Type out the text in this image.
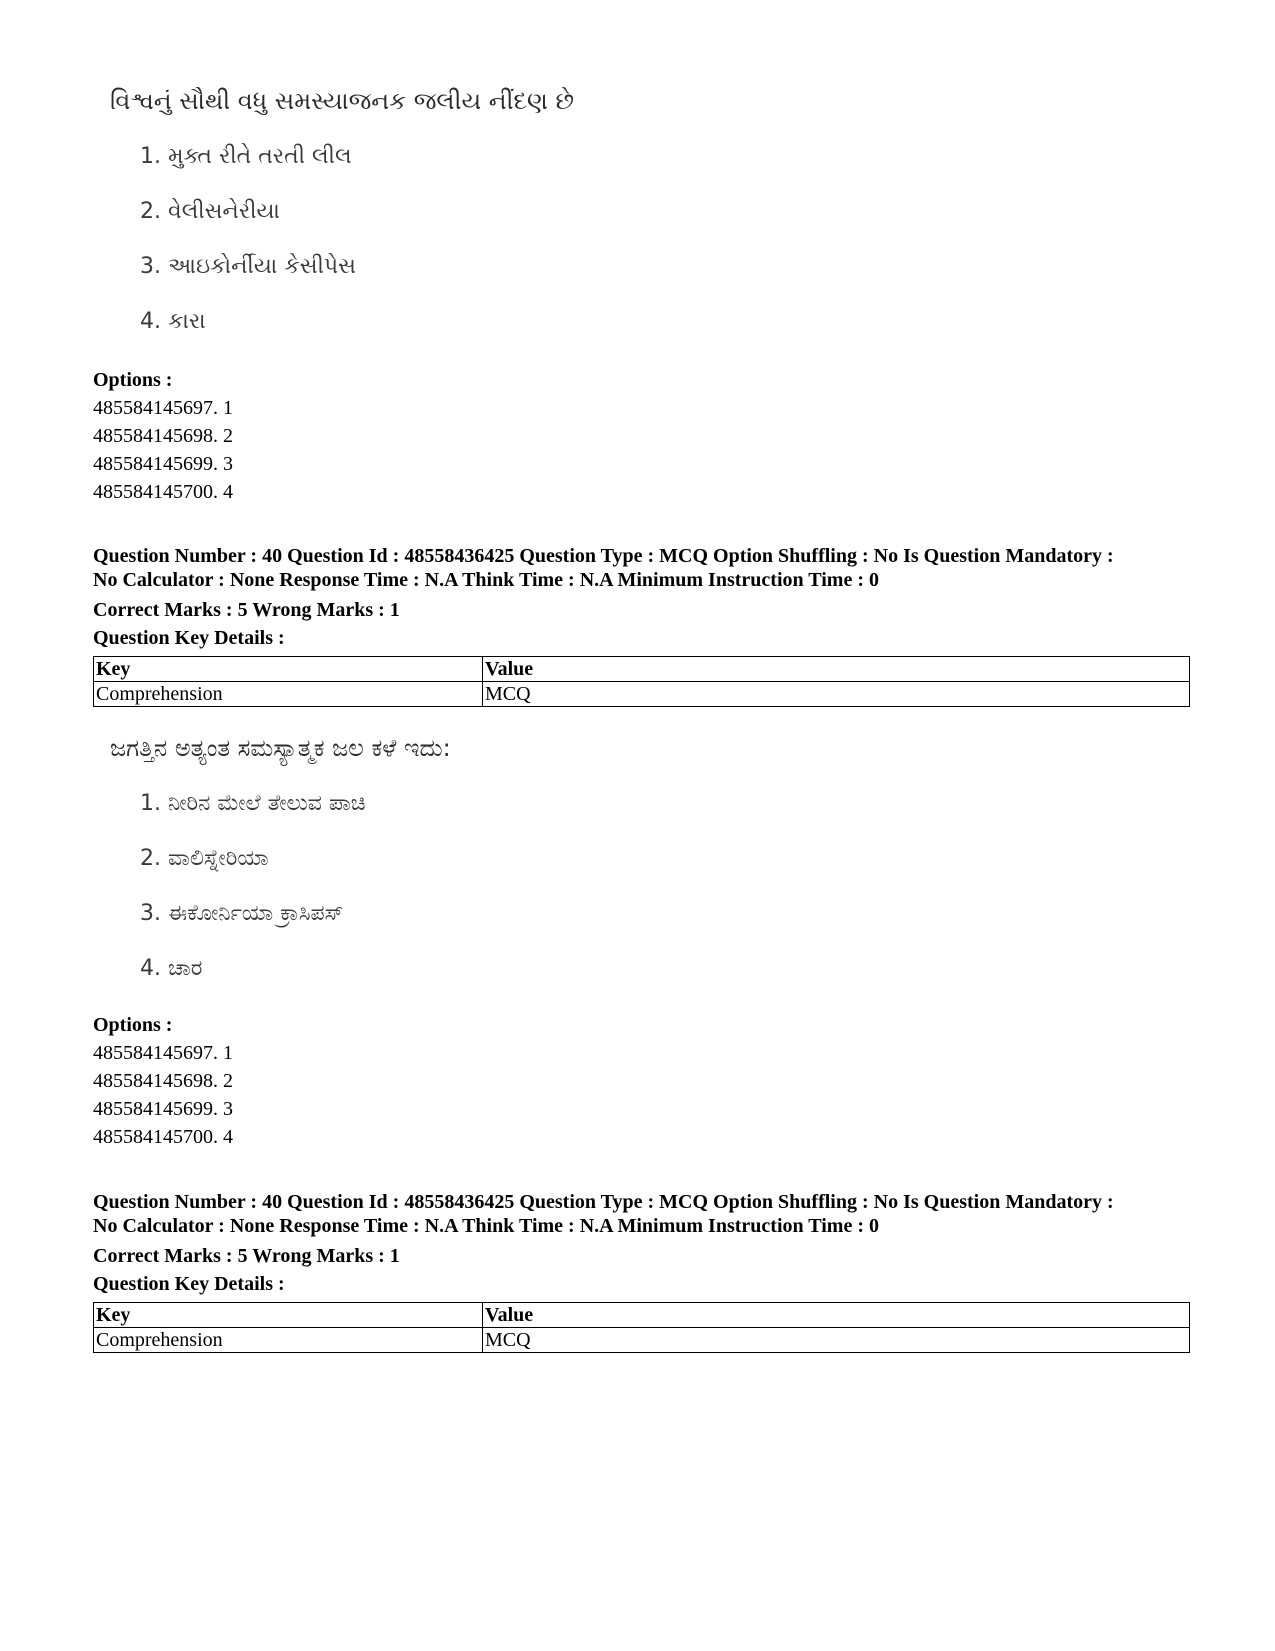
વિશ્વનું સૌથી વધુ સમસ્યાજનક જલીય નીંદણ છે
1. મુક્ત રીતે તરતી લીલ
2. વેલીસનેરીયા
3. આઇકોર્નીયા કેસીપેસ
4. કારા
Options :
485584145697. 1
485584145698. 2
485584145699. 3
485584145700. 4
Question Number : 40 Question Id : 48558436425 Question Type : MCQ Option Shuffling : No Is Question Mandatory :
No Calculator : None Response Time : N.A Think Time : N.A Minimum Instruction Time : 0
Correct Marks : 5 Wrong Marks : 1
Question Key Details :
Key	Value
Comprehension	MCQ
ಜಗತ್ತಿನ ಅತ್ಯಂತ ಸಮಸ್ಯಾತ್ಮಕ ಜಲ ಕಳೆ ಇದು:
1. ನೀರಿನ ಮೇಲೆ ತೇಲುವ ಪಾಚಿ
2. ವಾಲಿಸ್ನೇರಿಯಾ
3. ಈಕೋರ್ನಿಯಾ ಕ್ರಾಸಿಪಸ್
4. ಚಾರ
Options :
485584145697. 1
485584145698. 2
485584145699. 3
485584145700. 4
Question Number : 40 Question Id : 48558436425 Question Type : MCQ Option Shuffling : No Is Question Mandatory :
No Calculator : None Response Time : N.A Think Time : N.A Minimum Instruction Time : 0
Correct Marks : 5 Wrong Marks : 1
Question Key Details :
Key	Value
Comprehension	MCQ
